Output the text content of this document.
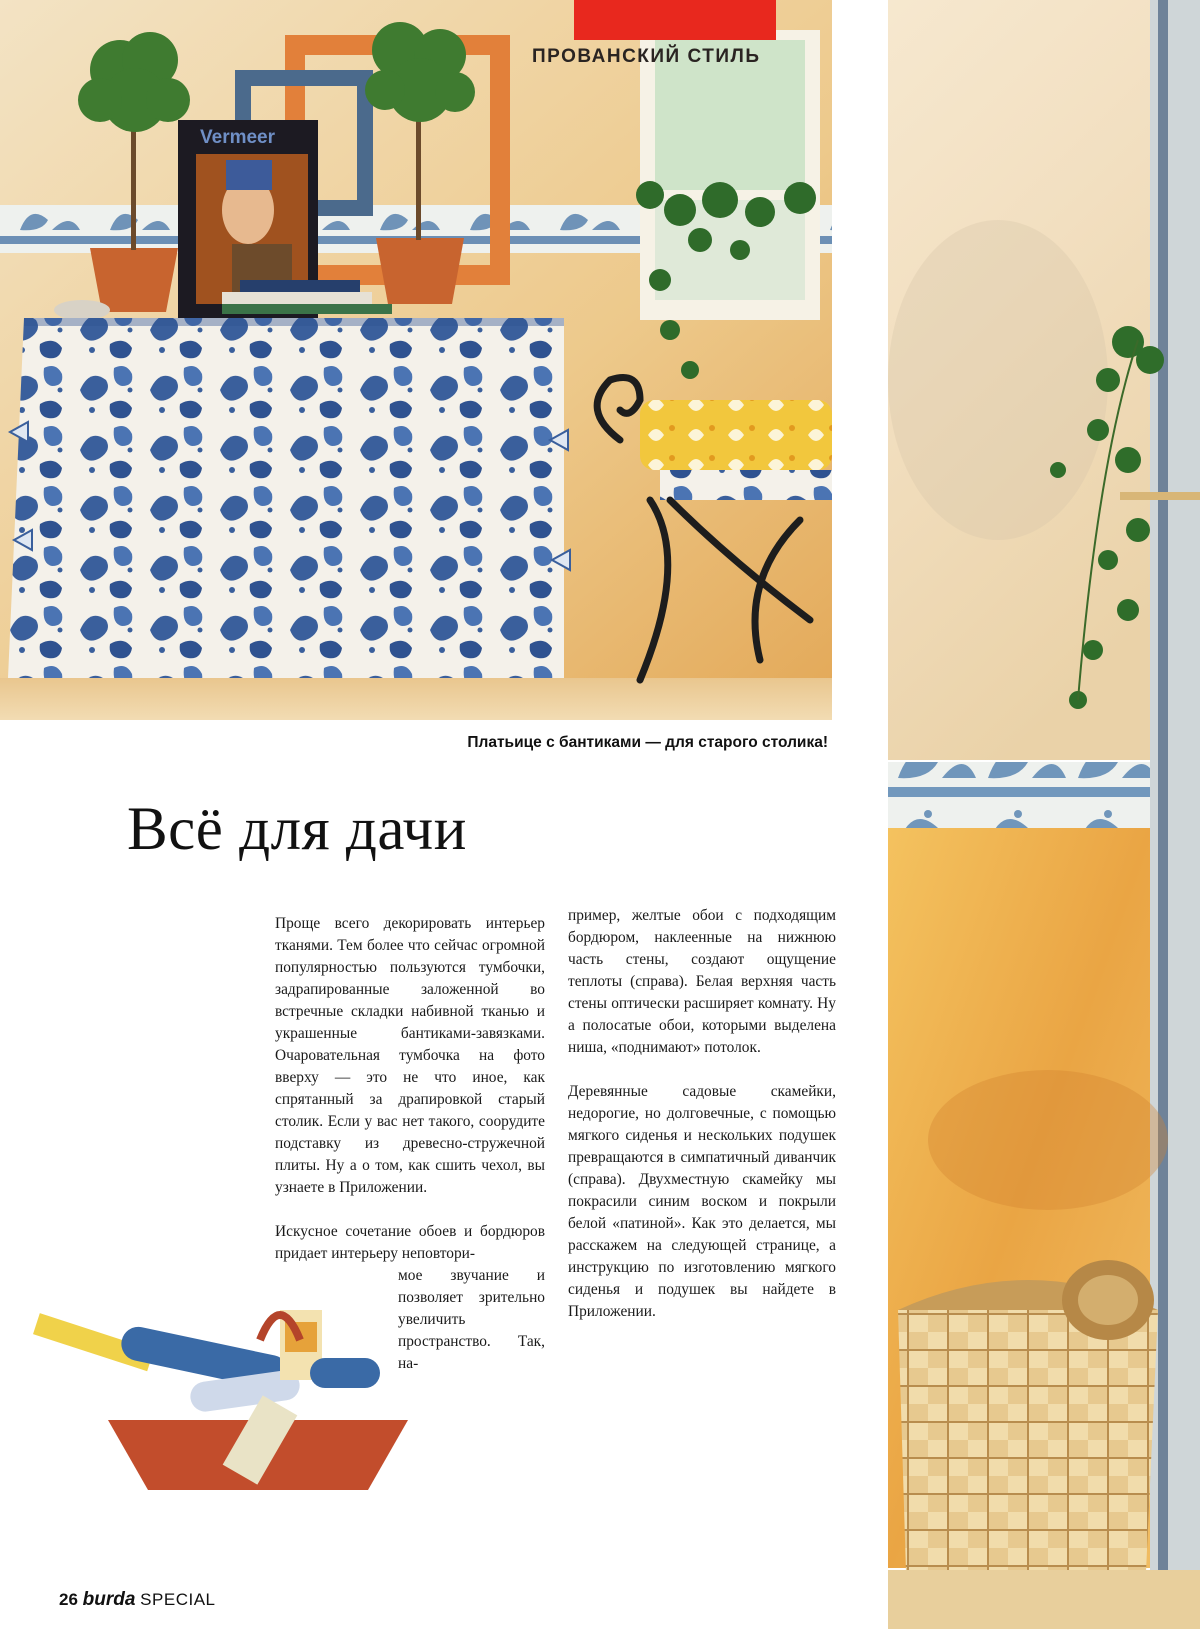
Vermeer
ПРОВАНСКИЙ СТИЛЬ
Платьице с бантиками — для старого столика!
Всё для дачи

Проще всего декорировать интерьер тканями. Тем более что сейчас огромной популярностью пользуются тумбочки, задрапированные заложенной во встречные складки набивной тканью и украшенные бантиками-завязками. Очаровательная тумбочка на фото вверху — это не что иное, как спрятанный за драпировкой старый столик. Если у вас нет такого, соорудите подставку из древесно-стружечной плиты. Ну а о том, как сшить чехол, вы узнаете в Приложении.

Искусное сочетание обоев и бордюров придает интерьеру неповтори-

мое звучание и позволяет зрительно увеличить пространство. Так, на-

пример, желтые обои с подходящим бордюром, наклеенные на нижнюю часть стены, создают ощущение теплоты (справа). Белая верхняя часть стены оптически расширяет комнату. Ну а полосатые обои, которыми выделена ниша, «поднимают» потолок.

Деревянные садовые скамейки, недорогие, но долговечные, с помощью мягкого сиденья и нескольких подушек превращаются в симпатичный диванчик (справа). Двухместную скамейку мы покрасили синим воском и покрыли белой «патиной». Как это делается, мы расскажем на следующей странице, а инструкцию по изготовлению мягкого сиденья и подушек вы найдете в Приложении.

26 burda SPECIAL
